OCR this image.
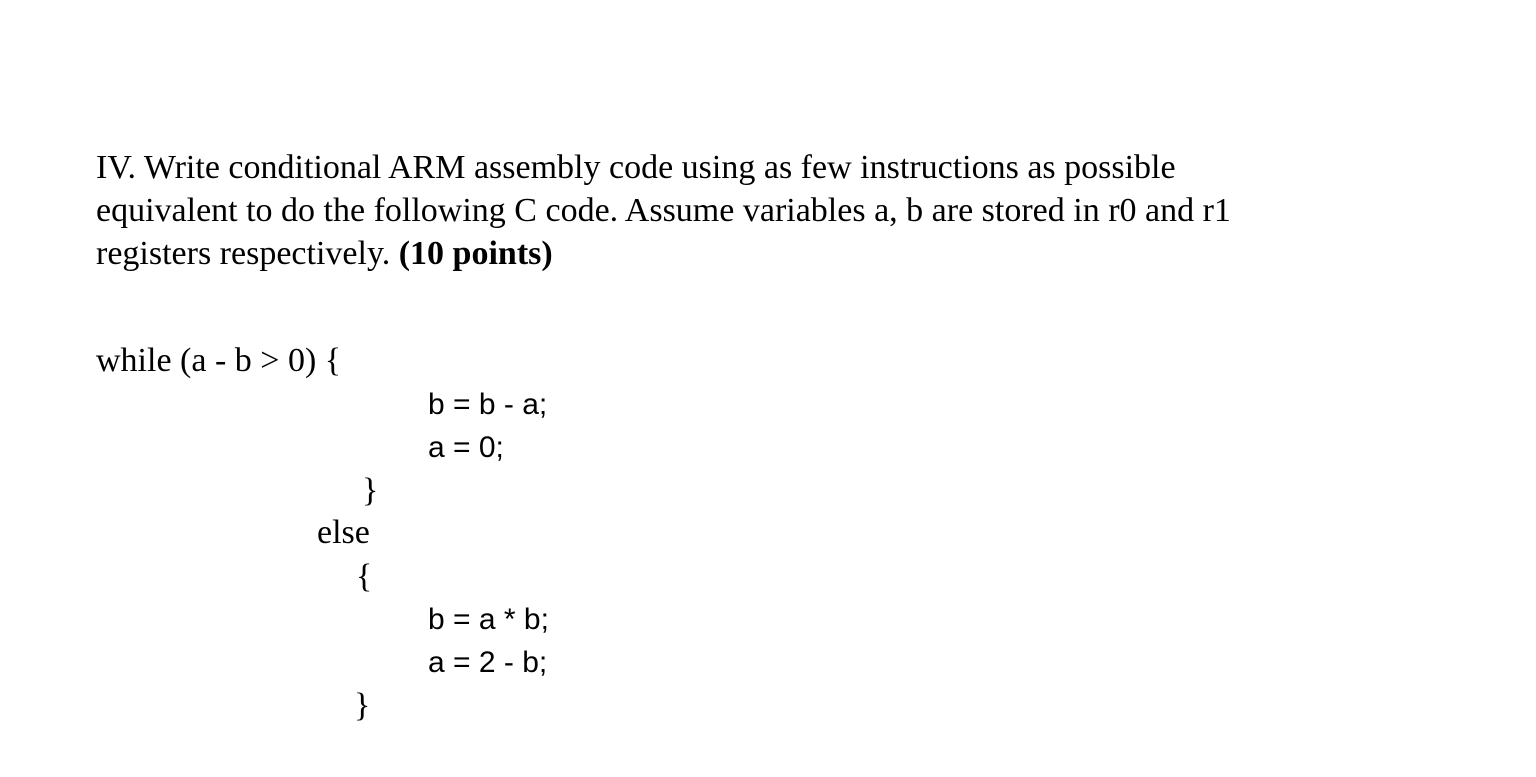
IV. Write conditional ARM assembly code using as few instructions as possible
equivalent to do the following C code. Assume variables a, b are stored in r0 and r1
registers respectively. (10 points)
while (a - b > 0) {
b = b - a;
a = 0;
}
else
{
b = a * b;
a = 2 - b;
}
